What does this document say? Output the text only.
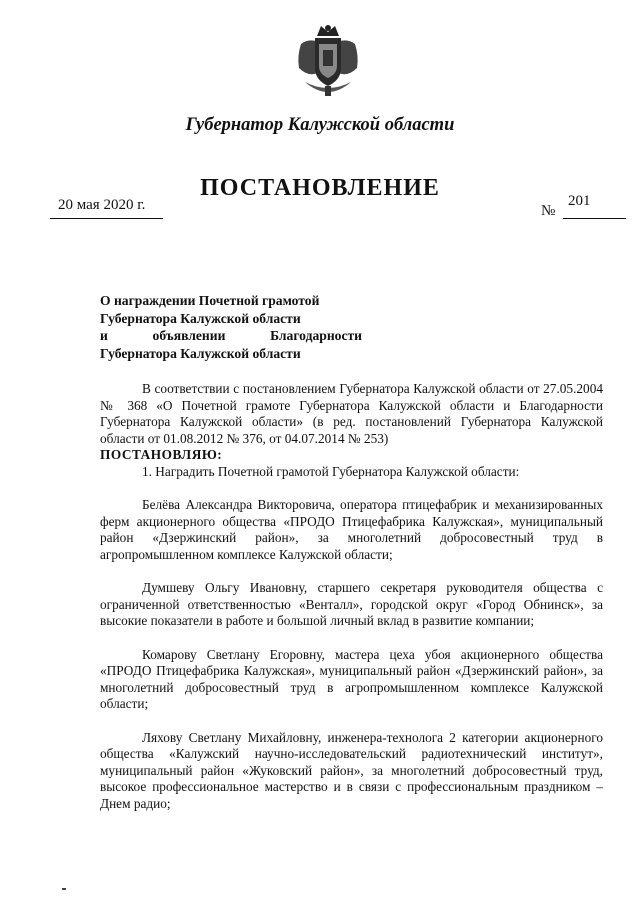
Губернатор Калужской области
ПОСТАНОВЛЕНИЕ
20 мая 2020 г.	№
201
О награждении Почетной грамотой
Губернатора Калужской области
и	объявлении	Благодарности
Губернатора Калужской области

В соответствии с постановлением Губернатора Калужской области от 27.05.2004 № 368 «О Почетной грамоте Губернатора Калужской области и Благодарности Губернатора Калужской области» (в ред. постановлений Губернатора Калужской области от 01.08.2012 № 376, от 04.07.2014 № 253)

ПОСТАНОВЛЯЮ:

1. Наградить Почетной грамотой Губернатора Калужской области:

Белёва Александра Викторовича, оператора птицефабрик и механизированных ферм акционерного общества «ПРОДО Птицефабрика Калужская», муниципальный район «Дзержинский район», за многолетний добросовестный труд в агропромышленном комплексе Калужской области;

Думшеву Ольгу Ивановну, старшего секретаря руководителя общества с ограниченной ответственностью «Венталл», городской округ «Город Обнинск», за высокие показатели в работе и большой личный вклад в развитие компании;

Комарову Светлану Егоровну, мастера цеха убоя акционерного общества «ПРОДО Птицефабрика Калужская», муниципальный район «Дзержинский район», за многолетний добросовестный труд в агропромышленном комплексе Калужской области;

Ляхову Светлану Михайловну, инженера-технолога 2 категории акционерного общества «Калужский научно-исследовательский радиотехнический институт», муниципальный район «Жуковский район», за многолетний добросовестный труд, высокое профессиональное мастерство и в связи с профессиональным праздником – Днем радио;
